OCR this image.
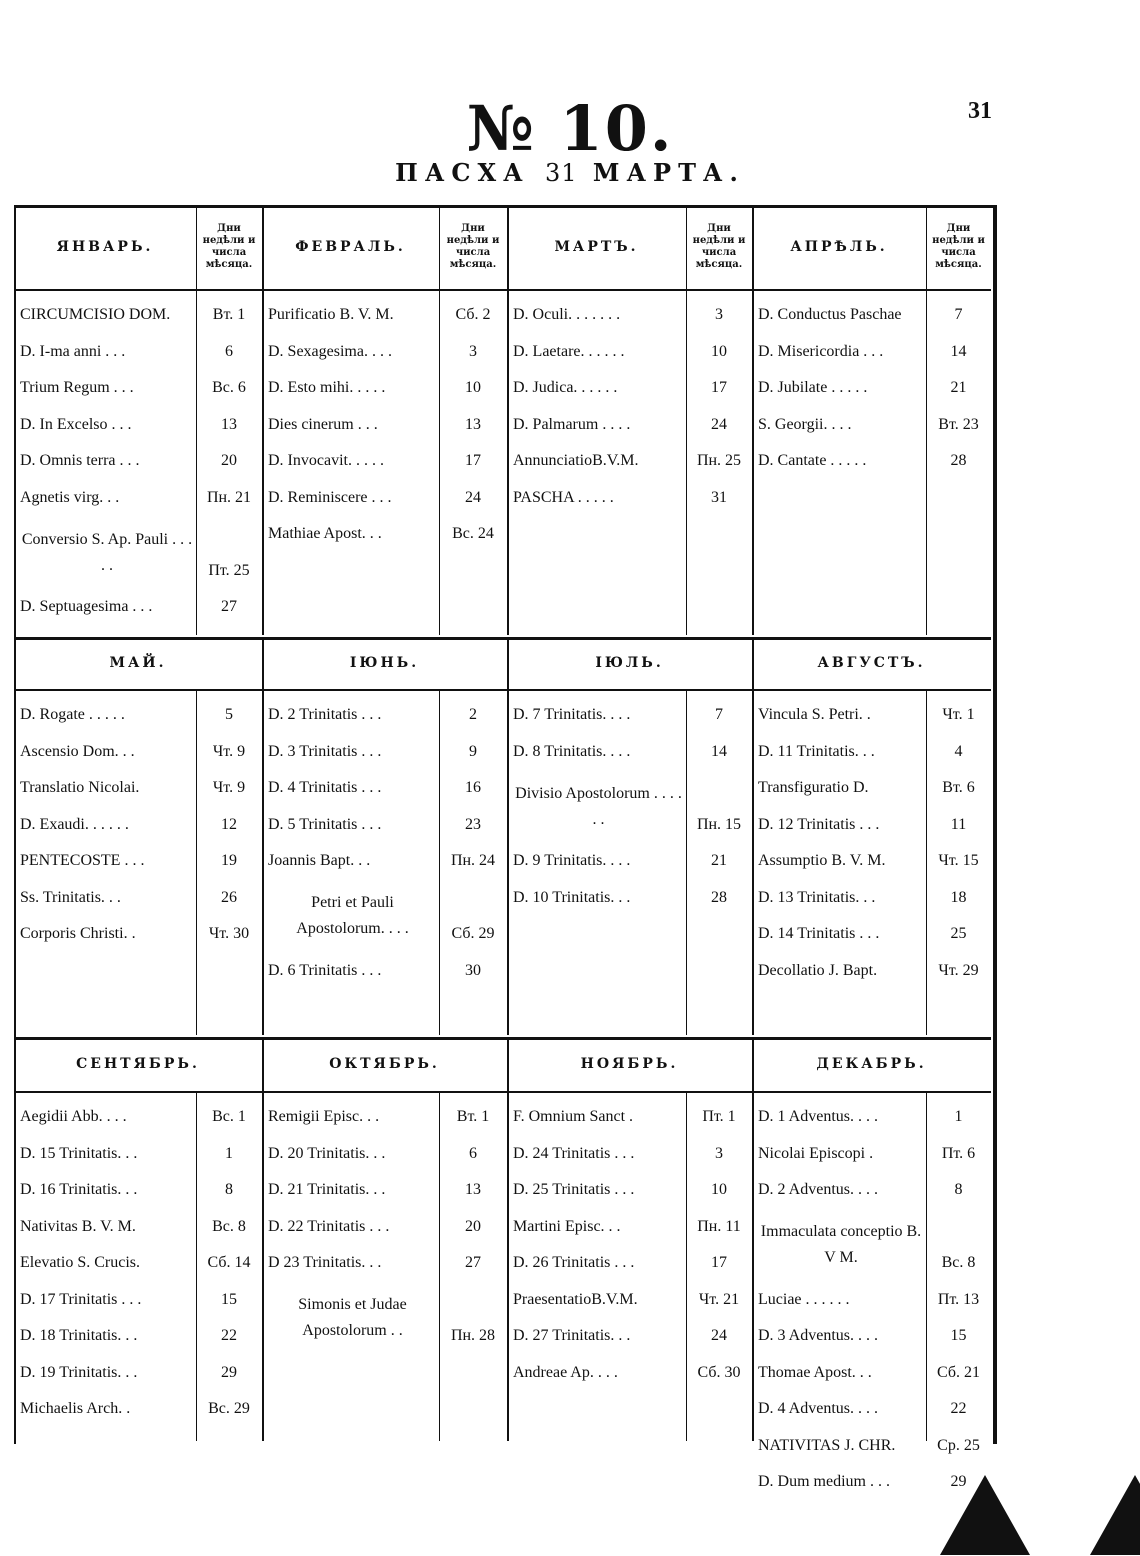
31
№ 10.
ПАСХА 31 МАРТА.
ЯНВАРЬ.
Дни недѣли и числа мѣсяца.
ФЕВРАЛЬ.
Дни недѣли и числа мѣсяца.
МАРТЪ.
Дни недѣли и числа мѣсяца.
АПРѢЛЬ.
Дни недѣли и числа мѣсяца.
CIRCUMCISIO DOM.	Вт. 1
D. I-ma anni . . .	6
Trium Regum . . .	Вс. 6
D. In Excelso . . .	13
D. Omnis terra . . .	20
Agnetis virg. . .	Пн. 21
Conversio S. Ap. Pauli . . . . .	Пт. 25
D. Septuagesima . . .	27
Purificatio B. V. M.	Сб. 2
D. Sexagesima. . . .	3
D. Esto mihi. . . . .	10
Dies cinerum . . .	13
D. Invocavit. . . . .	17
D. Reminiscere . . .	24
Mathiae Apost. . .	Вс. 24
D. Oculi. . . . . . .	3
D. Laetare. . . . . .	10
D. Judica. . . . . .	17
D. Palmarum . . . .	24
AnnunciatioB.V.M.	Пн. 25
PASCHA . . . . .	31
D. Conductus Paschae	7
D. Misericordia . . .	14
D. Jubilate . . . . .	21
S. Georgii. . . .	Вт. 23
D. Cantate . . . . .	28
МАЙ.	ІЮНЬ.	ІЮЛЬ.	АВГУСТЪ.
D. Rogate . . . . .	5
Ascensio Dom. . .	Чт. 9
Translatio Nicolai.	Чт. 9
D. Exaudi. . . . . .	12
PENTECOSTE . . .	19
Ss. Trinitatis. . .	26
Corporis Christi. .	Чт. 30
D. 2 Trinitatis . . .	2
D. 3 Trinitatis . . .	9
D. 4 Trinitatis . . .	16
D. 5 Trinitatis . . .	23
Joannis Bapt. . .	Пн. 24
Petri et Pauli Apostolorum. . . .	Сб. 29
D. 6 Trinitatis . . .	30
D. 7 Trinitatis. . . .	7
D. 8 Trinitatis. . . .	14
Divisio Apostolorum . . . . . .	Пн. 15
D. 9 Trinitatis. . . .	21
D. 10 Trinitatis. . .	28
Vincula S. Petri. .	Чт. 1
D. 11 Trinitatis. . .	4
Transfiguratio D.	Вт. 6
D. 12 Trinitatis . . .	11
Assumptio B. V. M.	Чт. 15
D. 13 Trinitatis. . .	18
D. 14 Trinitatis . . .	25
Decollatio J. Bapt.	Чт. 29
СЕНТЯБРЬ.	ОКТЯБРЬ.	НОЯБРЬ.	ДЕКАБРЬ.
Aegidii Abb. . . .	Вс. 1
D. 15 Trinitatis. . .	1
D. 16 Trinitatis. . .	8
Nativitas B. V. M.	Вс. 8
Elevatio S. Crucis.	Сб. 14
D. 17 Trinitatis . . .	15
D. 18 Trinitatis. . .	22
D. 19 Trinitatis. . .	29
Michaelis Arch. .	Вс. 29
Remigii Episc. . .	Вт. 1
D. 20 Trinitatis. . .	6
D. 21 Trinitatis. . .	13
D. 22 Trinitatis . . .	20
D 23 Trinitatis. . .	27
Simonis et Judae Apostolorum . .	Пн. 28
F. Omnium Sanct .	Пт. 1
D. 24 Trinitatis . . .	3
D. 25 Trinitatis . . .	10
Martini Episc. . .	Пн. 11
D. 26 Trinitatis . . .	17
PraesentatioB.V.M.	Чт. 21
D. 27 Trinitatis. . .	24
Andreae Ap. . . .	Сб. 30
D. 1 Adventus. . . .	1
Nicolai Episcopi .	Пт. 6
D. 2 Adventus. . . .	8
Immaculata conceptio B. V M.	Вс. 8
Luciae . . . . . .	Пт. 13
D. 3 Adventus. . . .	15
Thomae Apost. . .	Сб. 21
D. 4 Adventus. . . .	22
NATIVITAS J. CHR.	Ср. 25
D. Dum medium . . .	29
